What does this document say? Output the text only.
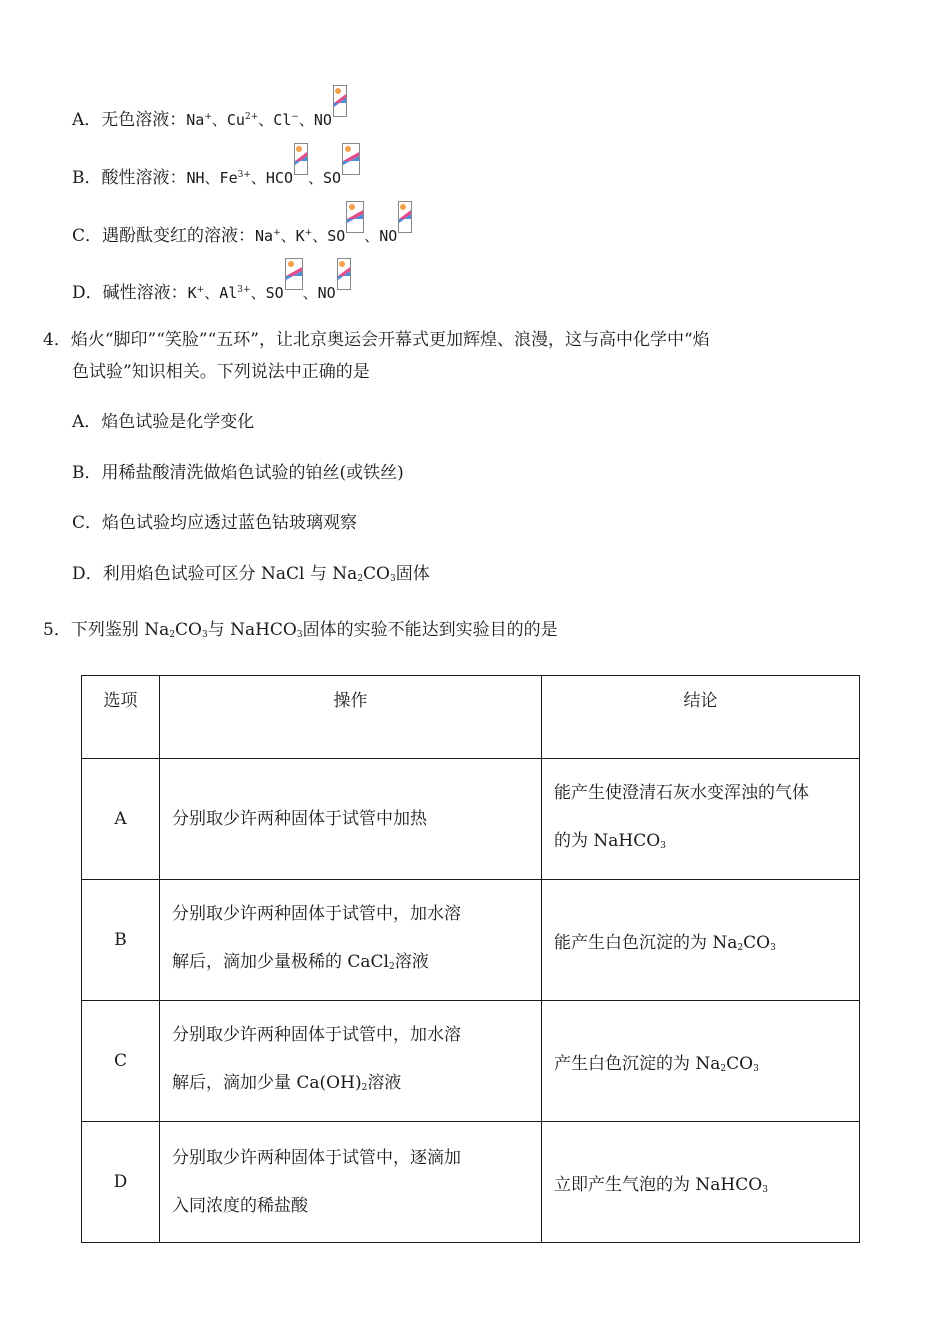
A．无色溶液：Na+、$Cu^{2+}$、Cl−、NO
B．酸性溶液：NH、$Fe^{3+}$、HCO 、SO
C．遇酚酞变红的溶液：Na+、K+、SO 、NO
D．碱性溶液：K+、$Al^{3+}$、SO 、NO
4．焰火“脚印”“笑脸”“五环”，让北京奥运会开幕式更加辉煌、浪漫，这与高中化学中“焰
色试验”知识相关。下列说法中正确的是
A．焰色试验是化学变化
B．用稀盐酸清洗做焰色试验的铂丝(或铁丝)
C．焰色试验均应透过蓝色钴玻璃观察
D．利用焰色试验可区分 NaCl 与 $Na_2CO_3$固体
5．下列鉴别 $Na_2CO_3$与 NaHCO$_3$固体的实验不能达到实验目的的是
选项	操作	结论
A	分别取少许两种固体于试管中加热	能产生使澄清石灰水变浑浊的气体
的为 NaHCO$_3$

B	分别取少许两种固体于试管中，加水溶
解后，滴加少量极稀的 CaCl$_2$溶液	能产生白色沉淀的为 $Na_2CO_3$
C	分别取少许两种固体于试管中，加水溶
解后，滴加少量 $Ca(OH)_2$溶液	产生白色沉淀的为 $Na_2CO_3$
D	分别取少许两种固体于试管中，逐滴加
入同浓度的稀盐酸	立即产生气泡的为 NaHCO$_3$
